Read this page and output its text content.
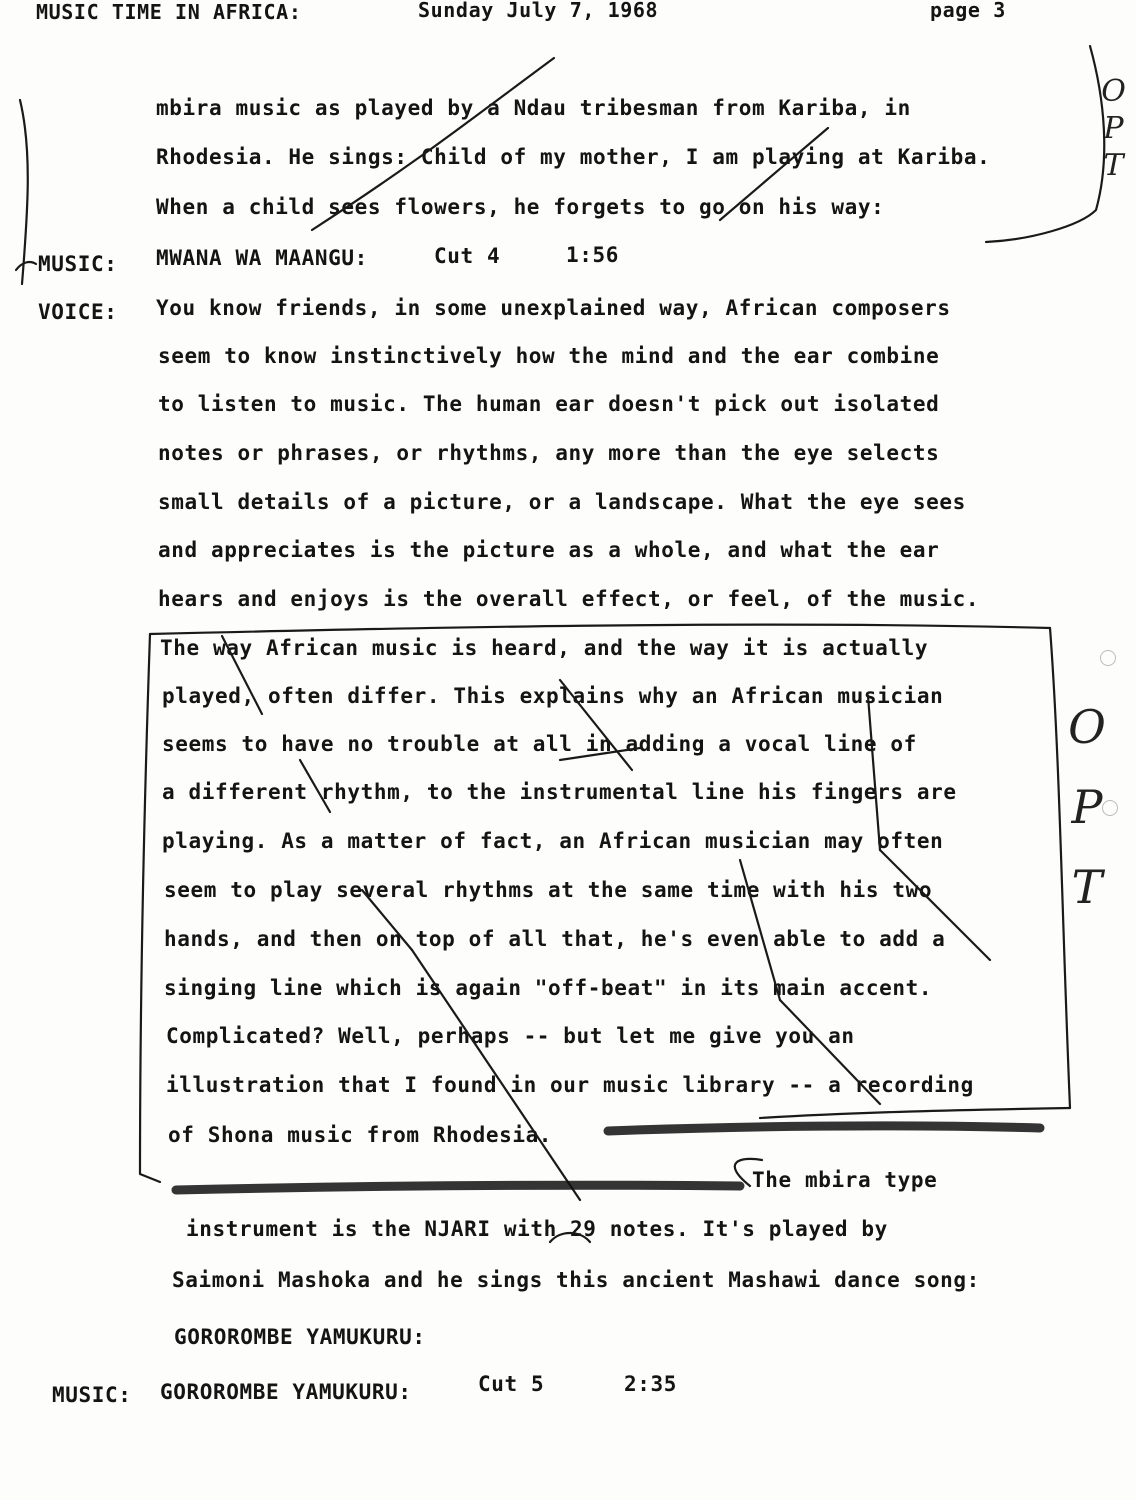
MUSIC TIME IN AFRICA:	Sunday July 7, 1968	page 3
mbira music as played by a Ndau tribesman from Kariba, in
Rhodesia. He sings: Child of my mother, I am playing at Kariba.
When a child sees flowers, he forgets to go on his way:
MUSIC: MWANA WA MAANGU:	Cut 4	1:56
VOICE: You know friends, in some unexplained way, African composers
seem to know instinctively how the mind and the ear combine
to listen to music. The human ear doesn't pick out isolated
notes or phrases, or rhythms, any more than the eye selects
small details of a picture, or a landscape. What the eye sees
and appreciates is the picture as a whole, and what the ear
hears and enjoys is the overall effect, or feel, of the music.
The way African music is heard, and the way it is actually
played, often differ. This explains why an African musician
seems to have no trouble at all in adding a vocal line of
a different rhythm, to the instrumental line his fingers are
playing. As a matter of fact, an African musician may often
seem to play several rhythms at the same time with his two
hands, and then on top of all that, he's even able to add a
singing line which is again "off-beat" in its main accent.
Complicated? Well, perhaps -- but let me give you an
illustration that I found in our music library -- a recording
of Shona music from Rhodesia.
The mbira type
instrument is the NJARI with 29 notes. It's played by
Saimoni Mashoka and he sings this ancient Mashawi dance song:
GOROROMBE YAMUKURU:
MUSIC: GOROROMBE YAMUKURU:	Cut 5	2:35
OPT
OPT
